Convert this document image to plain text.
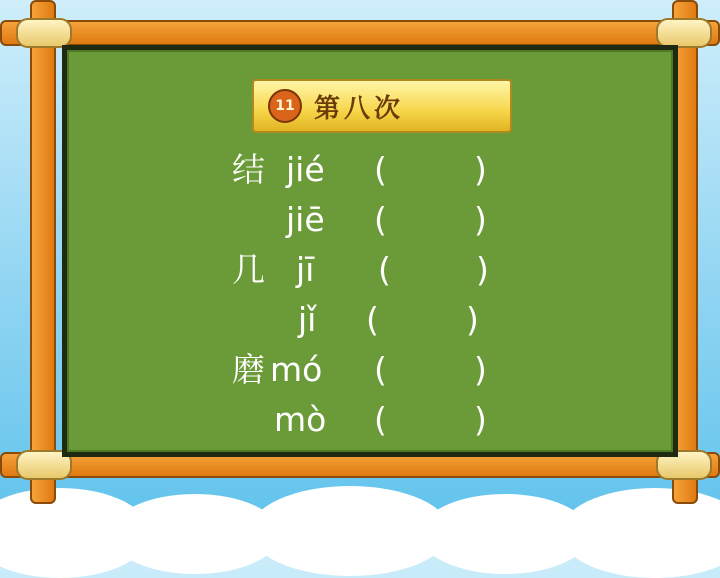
11 第八次
结 jié (	)
jiē (	)
几 jī (	)
jǐ (	)
磨 mó (	)
mò (	)
